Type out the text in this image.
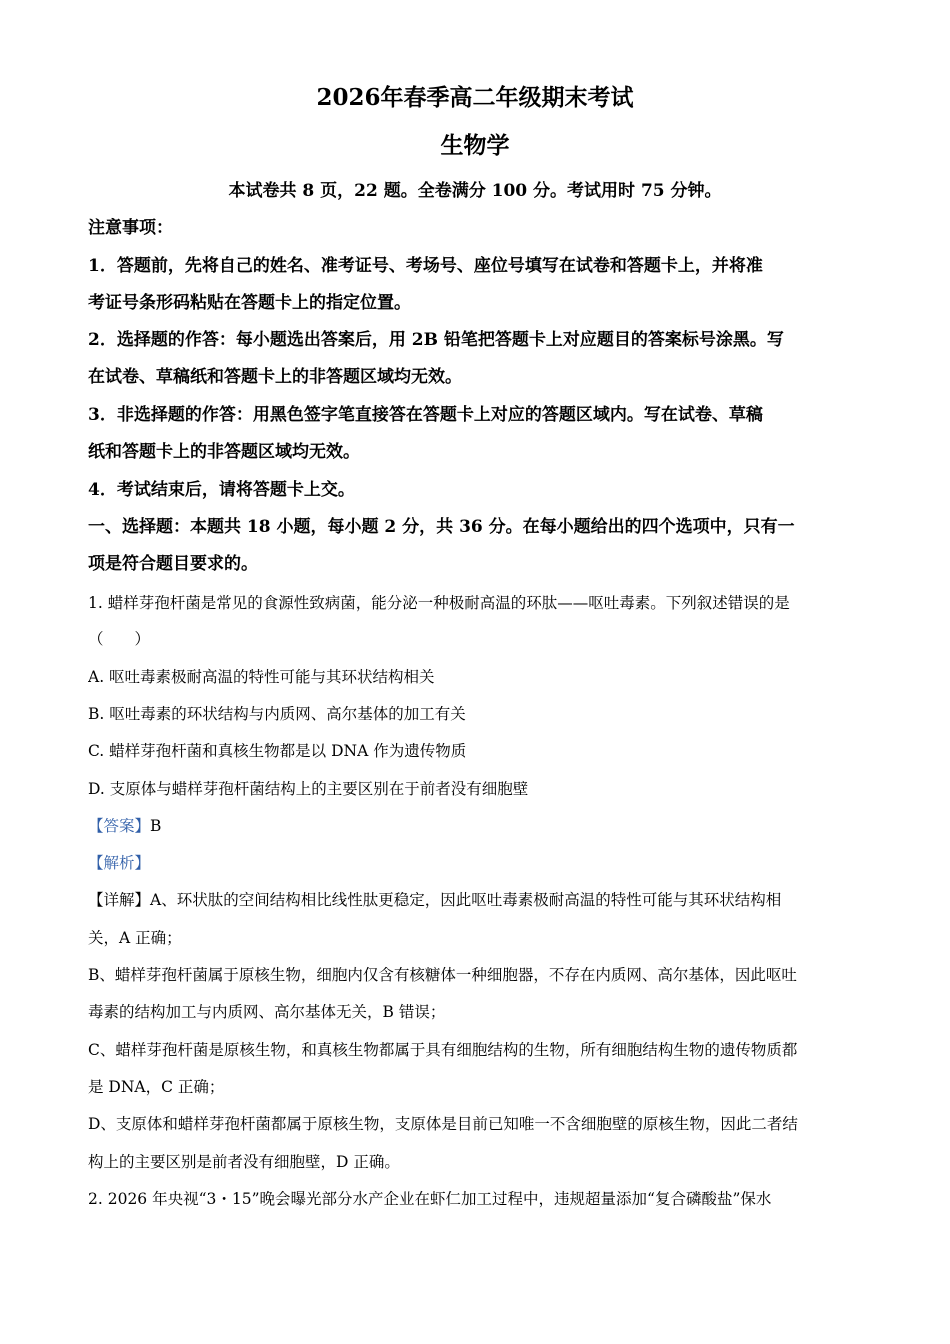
2026年春季高二年级期末考试
生物学
本试卷共 8 页，22 题。全卷满分 100 分。考试用时 75 分钟。
注意事项：
1．答题前，先将自己的姓名、准考证号、考场号、座位号填写在试卷和答题卡上，并将准
考证号条形码粘贴在答题卡上的指定位置。
2．选择题的作答：每小题选出答案后，用 2B 铅笔把答题卡上对应题目的答案标号涂黑。写
在试卷、草稿纸和答题卡上的非答题区域均无效。
3．非选择题的作答：用黑色签字笔直接答在答题卡上对应的答题区域内。写在试卷、草稿
纸和答题卡上的非答题区域均无效。
4．考试结束后，请将答题卡上交。
一、选择题：本题共 18 小题，每小题 2 分，共 36 分。在每小题给出的四个选项中，只有一
项是符合题目要求的。
1. 蜡样芽孢杆菌是常见的食源性致病菌，能分泌一种极耐高温的环肽——呕吐毒素。下列叙述错误的是
（　　）
A. 呕吐毒素极耐高温的特性可能与其环状结构相关
B. 呕吐毒素的环状结构与内质网、高尔基体的加工有关
C. 蜡样芽孢杆菌和真核生物都是以 DNA 作为遗传物质
D. 支原体与蜡样芽孢杆菌结构上的主要区别在于前者没有细胞壁
【答案】B
【解析】
【详解】A、环状肽的空间结构相比线性肽更稳定，因此呕吐毒素极耐高温的特性可能与其环状结构相
关，A 正确；
B、蜡样芽孢杆菌属于原核生物，细胞内仅含有核糖体一种细胞器，不存在内质网、高尔基体，因此呕吐
毒素的结构加工与内质网、高尔基体无关，B 错误；
C、蜡样芽孢杆菌是原核生物，和真核生物都属于具有细胞结构的生物，所有细胞结构生物的遗传物质都
是 DNA，C 正确；
D、支原体和蜡样芽孢杆菌都属于原核生物，支原体是目前已知唯一不含细胞壁的原核生物，因此二者结
构上的主要区别是前者没有细胞壁，D 正确。
2. 2026 年央视“3・15”晚会曝光部分水产企业在虾仁加工过程中，违规超量添加“复合磷酸盐”保水
